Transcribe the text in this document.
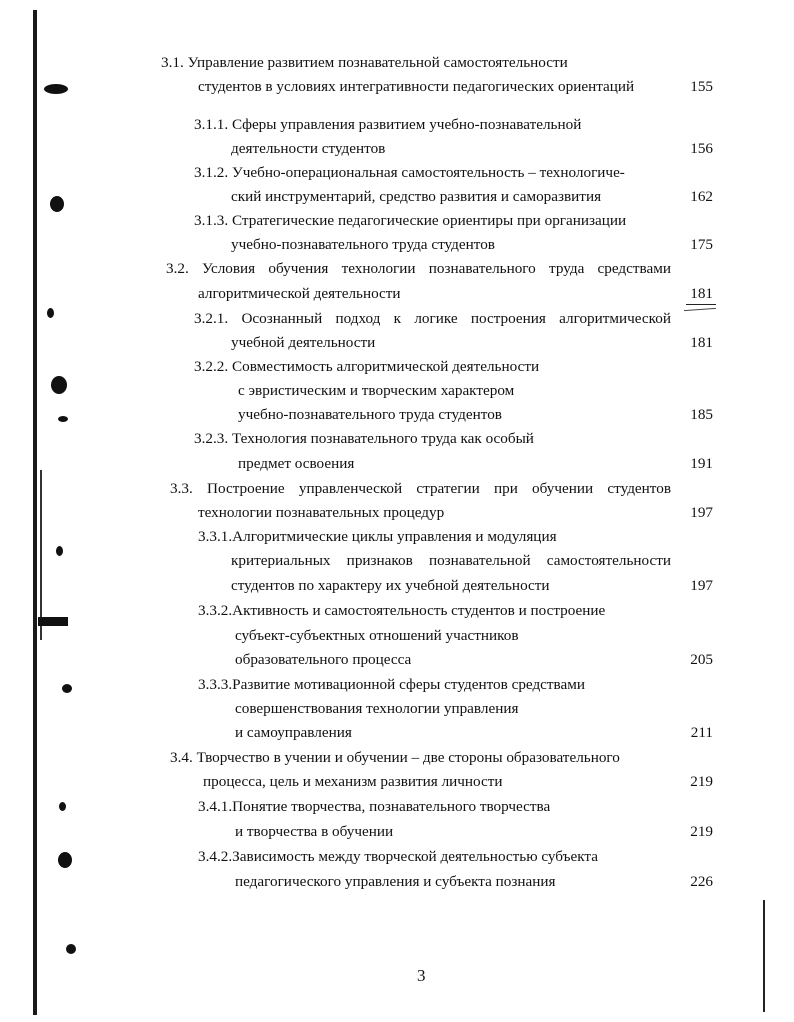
3.1. Управление развитием познавательной самостоятельности
студентов в условиях интегративности педагогических ориентаций	155
3.1.1. Сферы управления развитием учебно-познавательной
деятельности студентов	156
3.1.2. Учебно-операциональная самостоятельность – технологиче-
ский инструментарий, средство развития и саморазвития	162
3.1.3. Стратегические педагогические ориентиры при организации
учебно-познавательного труда студентов	175
3.2. Условия обучения технологии познавательного труда средствами
алгоритмической деятельности	181
3.2.1. Осознанный подход к логике построения алгоритмической
учебной деятельности	181
3.2.2. Совместимость алгоритмической деятельности
с эвристическим и творческим характером
учебно-познавательного труда студентов	185
3.2.3. Технология познавательного труда как особый
предмет освоения	191
3.3. Построение управленческой стратегии при обучении студентов
технологии познавательных процедур	197
3.3.1.Алгоритмические циклы управления и модуляция
критериальных признаков познавательной самостоятельности
студентов по характеру их учебной деятельности	197
3.3.2.Активность и самостоятельность студентов и построение
субъект-субъектных отношений участников
образовательного процесса	205
3.3.3.Развитие мотивационной сферы студентов средствами
совершенствования технологии управления
и самоуправления	211
3.4. Творчество в учении и обучении – две стороны образовательного
процесса, цель и механизм развития личности	219
3.4.1.Понятие творчества, познавательного творчества
и творчества в обучении	219
3.4.2.Зависимость между творческой деятельностью субъекта
педагогического управления и субъекта познания	226
3
